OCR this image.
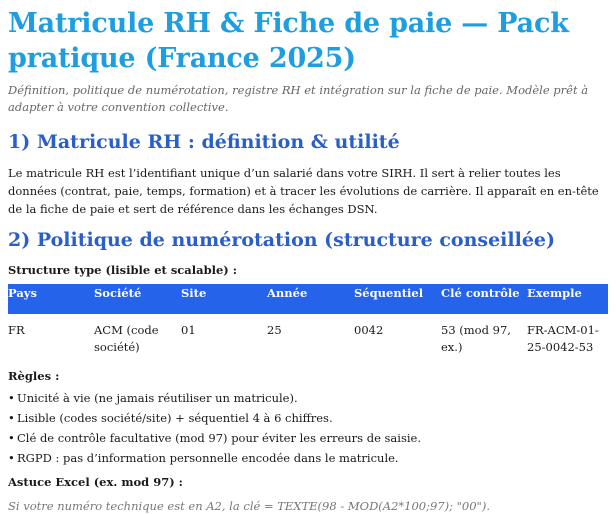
Matricule RH & Fiche de paie — Pack pratique (France 2025)

Définition, politique de numérotation, registre RH et intégration sur la fiche de paie. Modèle prêt à adapter à votre convention collective.

1) Matricule RH : définition & utilité

Le matricule RH est l’identifiant unique d’un salarié dans votre SIRH. Il sert à relier toutes les données (contrat, paie, temps, formation) et à tracer les évolutions de carrière. Il apparaît en en-tête de la fiche de paie et sert de référence dans les échanges DSN.

2) Politique de numérotation (structure conseillée)
Structure type (lisible et scalable) :
Pays	Société	Site	Année	Séquentiel	Clé contrôle	Exemple
FR	ACM (code société)	01	25	0042	53 (mod 97, ex.)	FR-ACM-01-25-0042-53
Règles :
• Unicité à vie (ne jamais réutiliser un matricule).
• Lisible (codes société/site) + séquentiel 4 à 6 chiffres.
• Clé de contrôle facultative (mod 97) pour éviter les erreurs de saisie.
• RGPD : pas d’information personnelle encodée dans le matricule.
Astuce Excel (ex. mod 97) :
Si votre numéro technique est en A2, la clé = TEXTE(98 - MOD(A2*100;97); "00").
